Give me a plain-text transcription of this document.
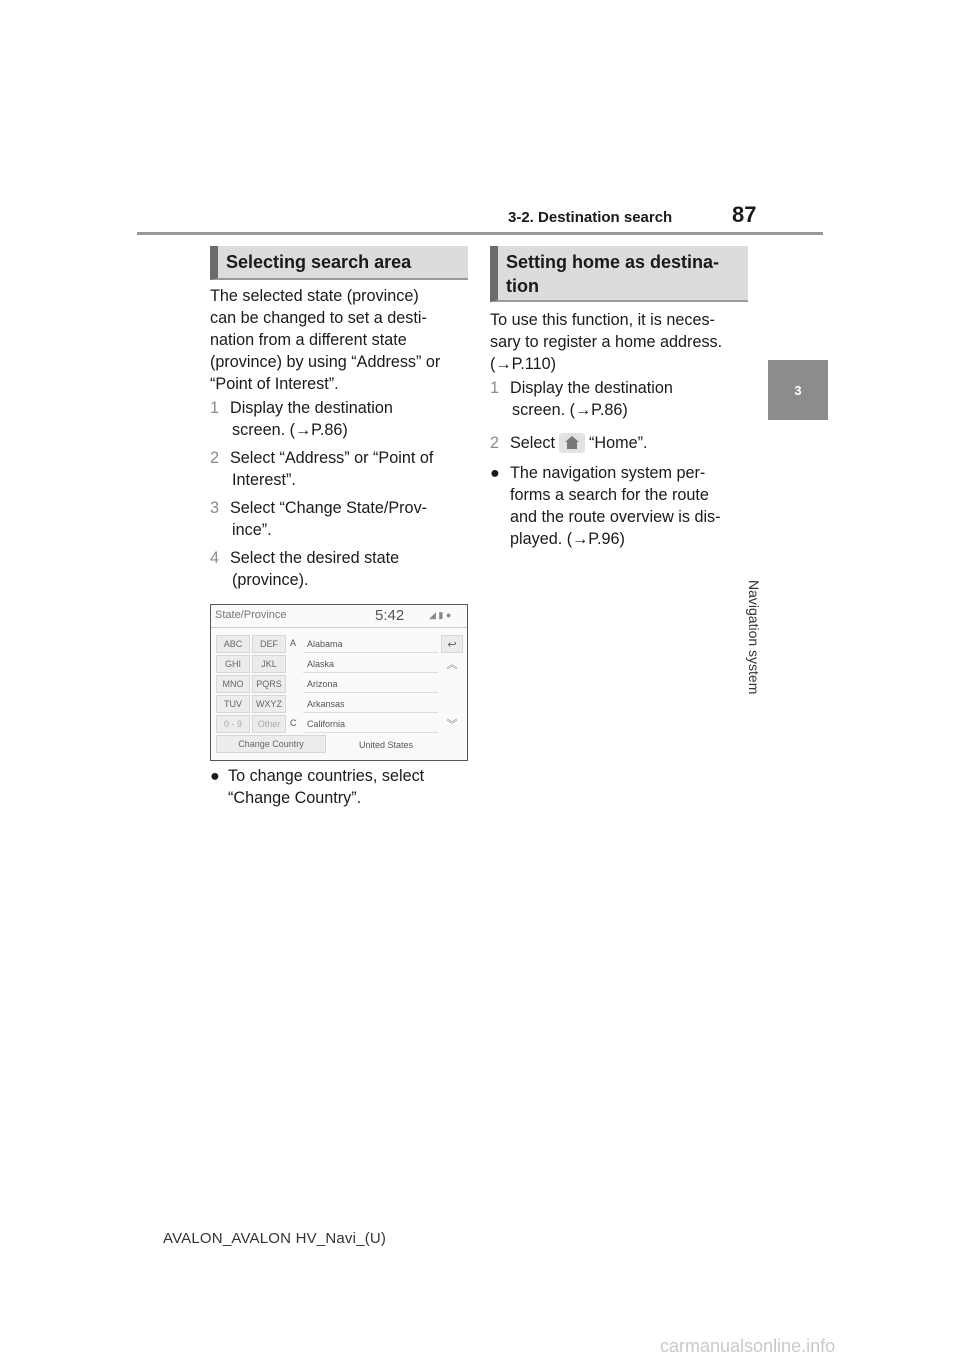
3-2. Destination search	87
3
Navigation system
Selecting search area
The selected state (province)
can be changed to set a desti-
nation from a different state
(province) by using “Address” or
“Point of Interest”.
1 Display the destination
screen. (→P.86)
2 Select “Address” or “Point of
Interest”.
3 Select “Change State/Prov-
ince”.
4 Select the desired state
(province).
State/Province	5:42	◢ ▮ ●
ABC	DEF
GHI	JKL
MNO	PQRS
TUV	WXYZ
0 - 9	Other
A
C
Alabama
Alaska
Arizona
Arkansas
California
↩
︽
︾
Change Country	United States
● To change countries, select
“Change Country”.
Setting home as destina-
tion
To use this function, it is neces-
sary to register a home address.
(→P.110)
1 Display the destination
screen. (→P.86)
2 Select “Home”.
● The navigation system per-
forms a search for the route
and the route overview is dis-
played. (→P.96)
AVALON_AVALON HV_Navi_(U)
carmanualsonline.info
